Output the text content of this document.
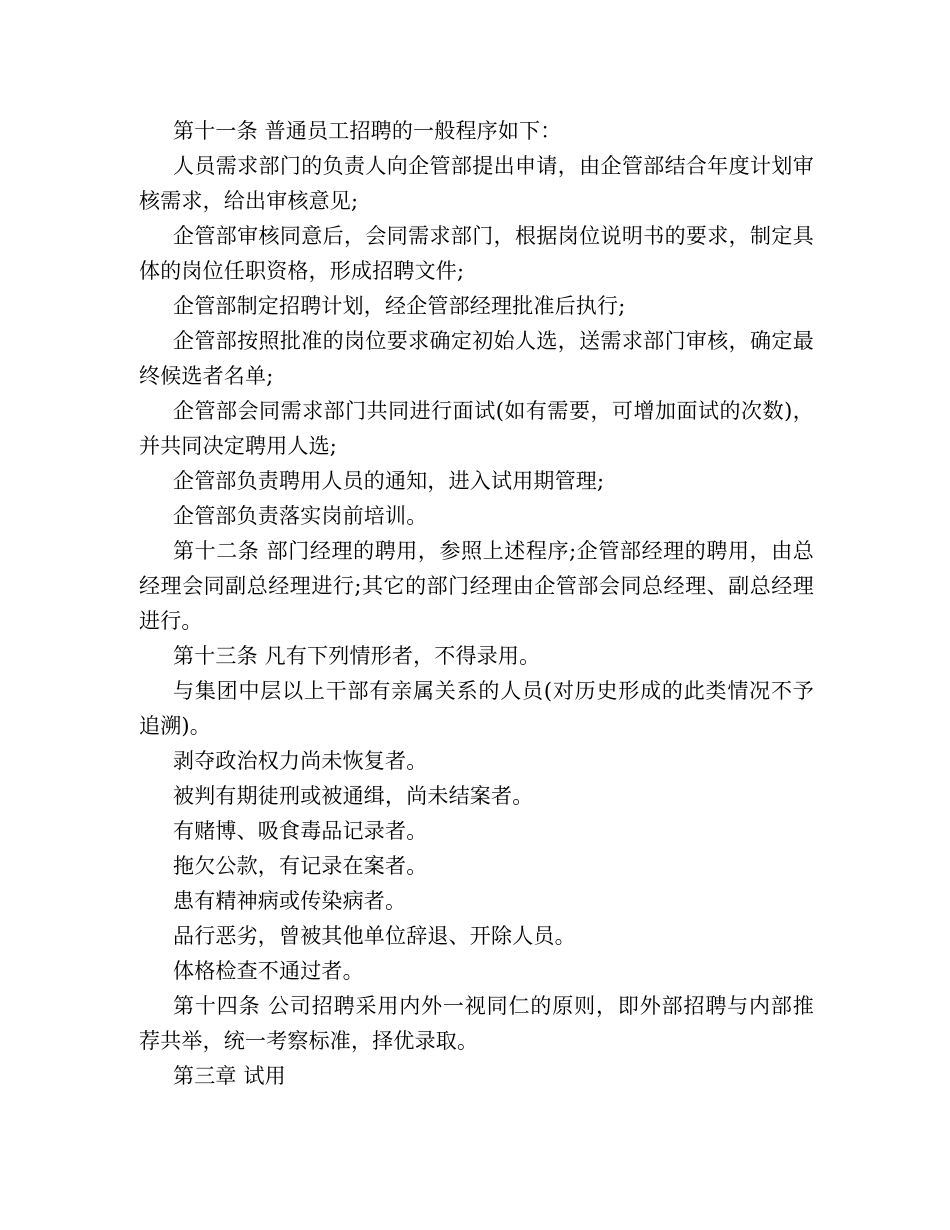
第十一条 普通员工招聘的一般程序如下：

人员需求部门的负责人向企管部提出申请，由企管部结合年度计划审核需求，给出审核意见;

企管部审核同意后，会同需求部门，根据岗位说明书的要求，制定具体的岗位任职资格，形成招聘文件;

企管部制定招聘计划，经企管部经理批准后执行;

企管部按照批准的岗位要求确定初始人选，送需求部门审核，确定最终候选者名单;

企管部会同需求部门共同进行面试(如有需要，可增加面试的次数)，并共同决定聘用人选;

企管部负责聘用人员的通知，进入试用期管理;

企管部负责落实岗前培训。

第十二条 部门经理的聘用，参照上述程序;企管部经理的聘用，由总经理会同副总经理进行;其它的部门经理由企管部会同总经理、副总经理进行。

第十三条 凡有下列情形者，不得录用。

与集团中层以上干部有亲属关系的人员(对历史形成的此类情况不予追溯)。

剥夺政治权力尚未恢复者。

被判有期徒刑或被通缉，尚未结案者。

有赌博、吸食毒品记录者。

拖欠公款，有记录在案者。

患有精神病或传染病者。

品行恶劣，曾被其他单位辞退、开除人员。

体格检查不通过者。

第十四条 公司招聘采用内外一视同仁的原则，即外部招聘与内部推荐共举，统一考察标准，择优录取。

第三章 试用
